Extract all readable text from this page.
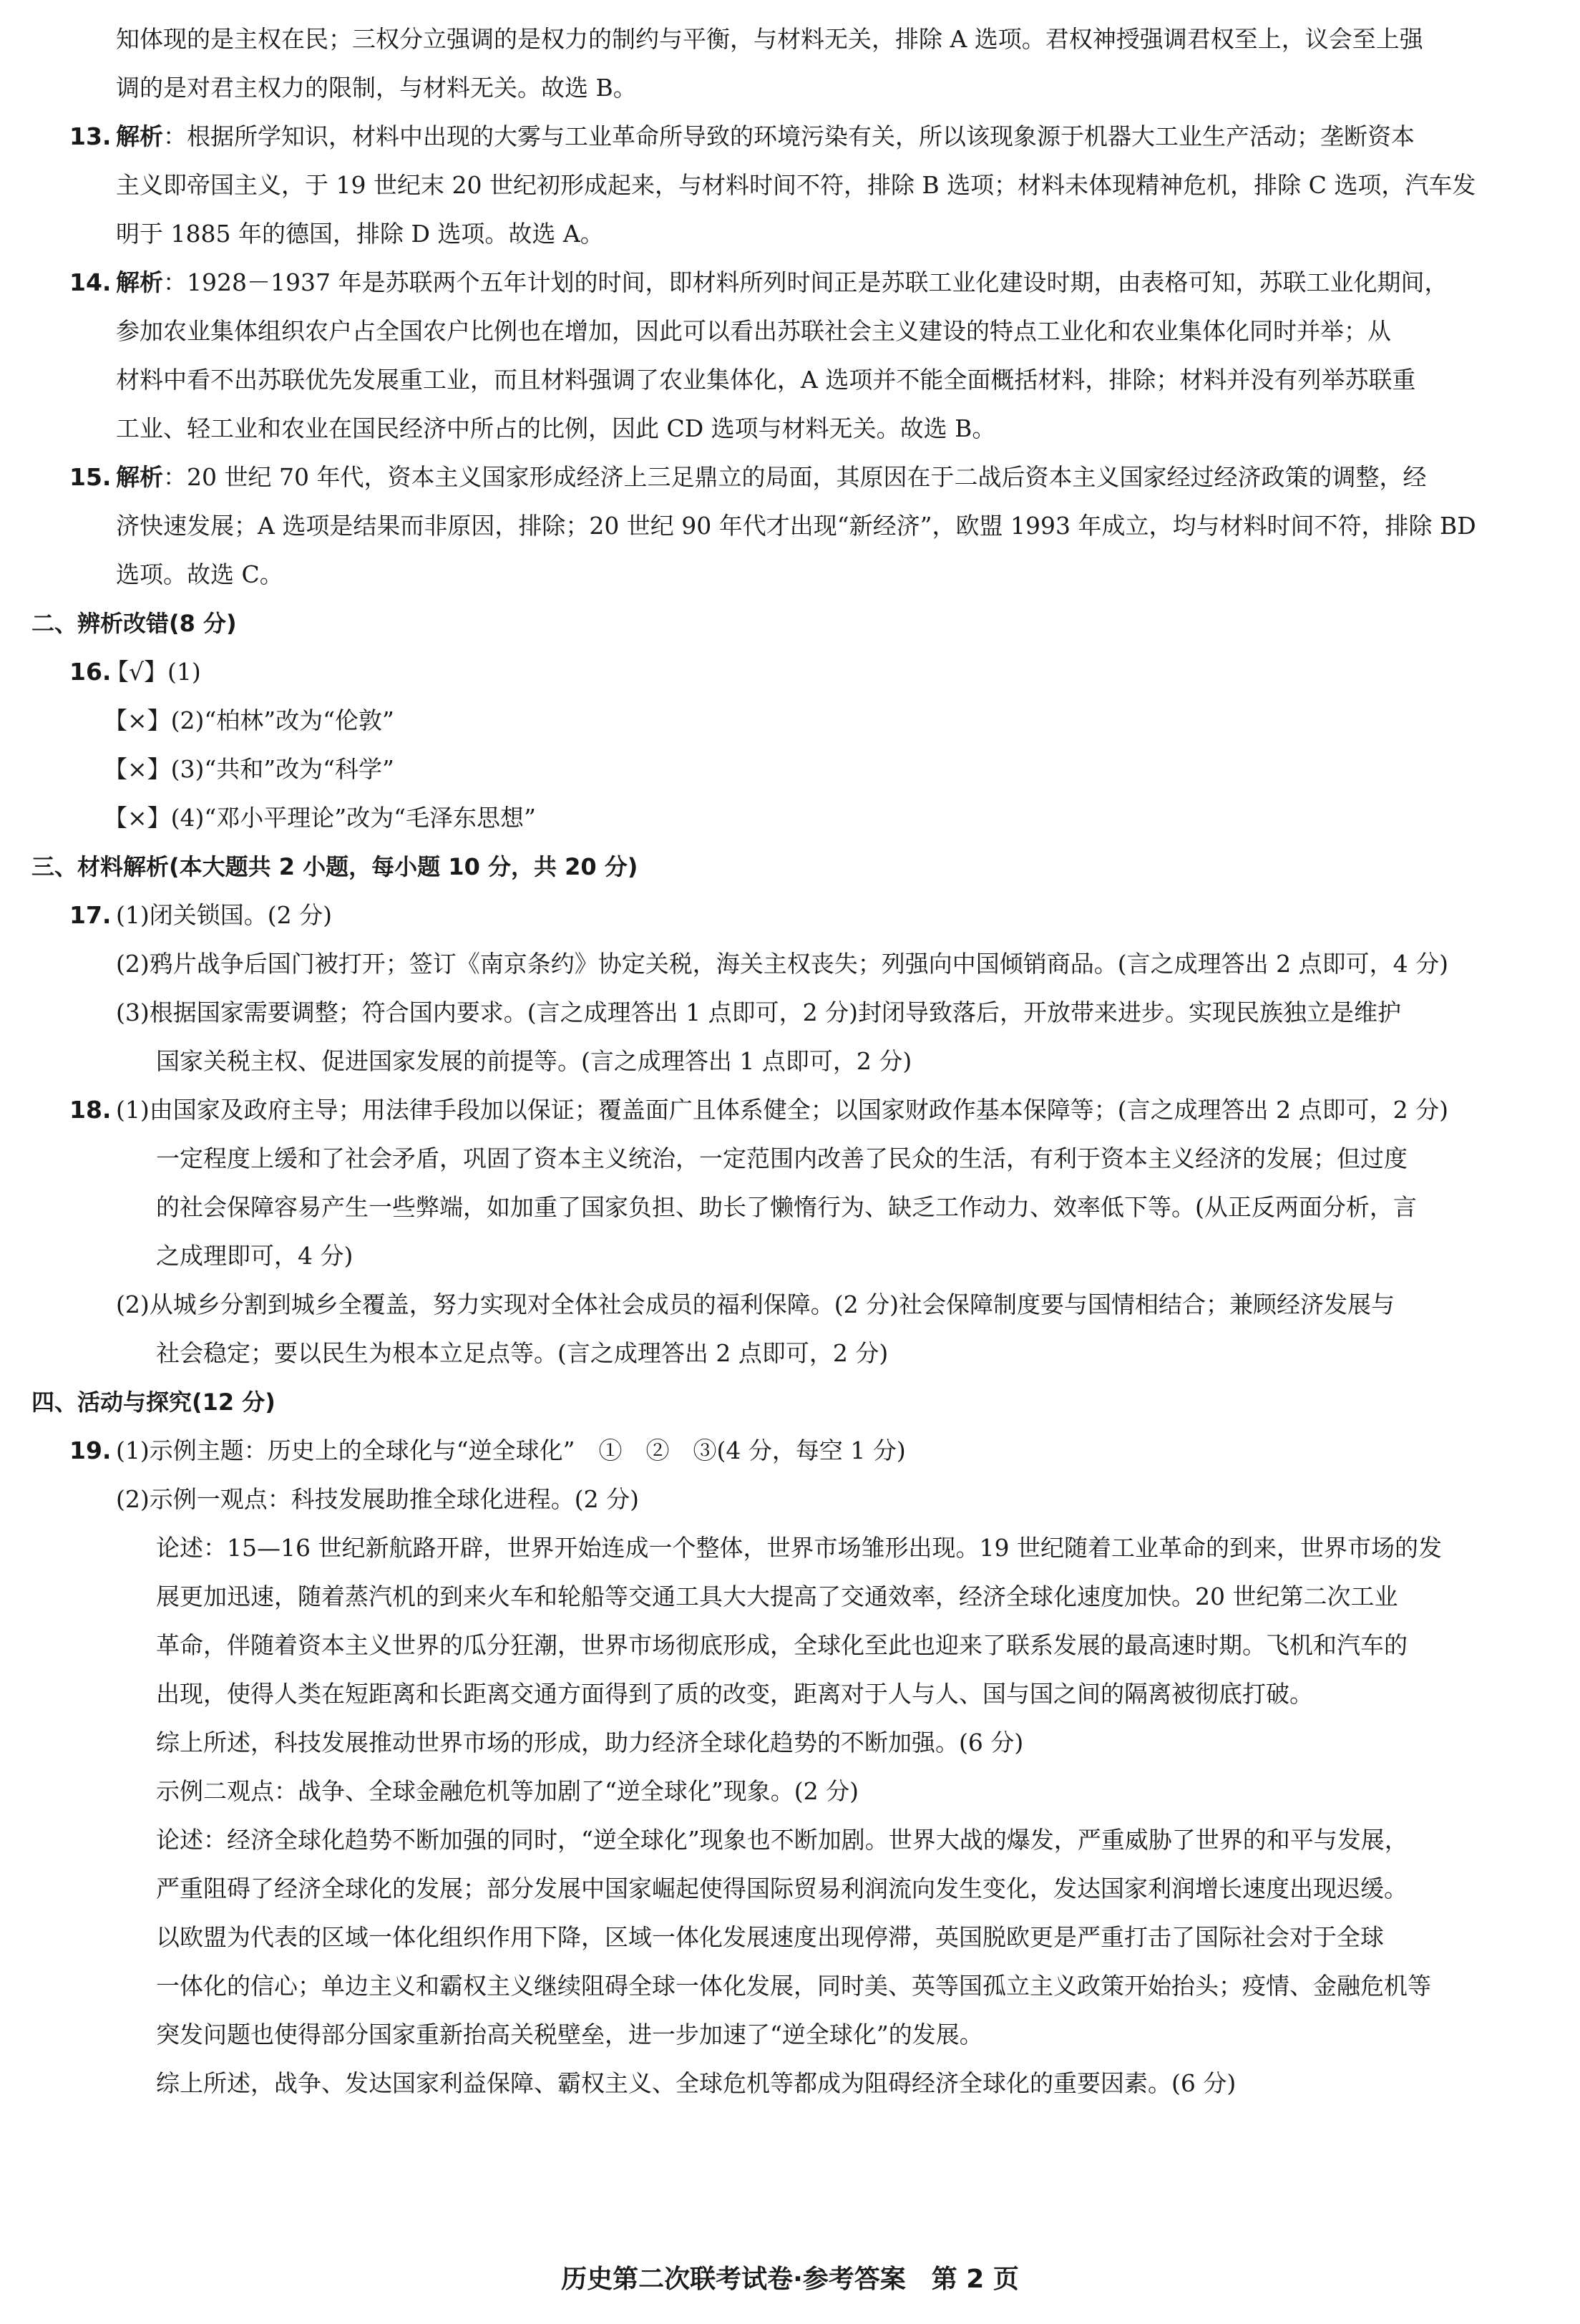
知体现的是主权在民；三权分立强调的是权力的制约与平衡，与材料无关，排除 A 选项。君权神授强调君权至上，议会至上强
调的是对君主权力的限制，与材料无关。故选 B。
13. 解析：根据所学知识，材料中出现的大雾与工业革命所导致的环境污染有关，所以该现象源于机器大工业生产活动；垄断资本
主义即帝国主义，于 19 世纪末 20 世纪初形成起来，与材料时间不符，排除 B 选项；材料未体现精神危机，排除 C 选项，汽车发
明于 1885 年的德国，排除 D 选项。故选 A。
14. 解析：1928－1937 年是苏联两个五年计划的时间，即材料所列时间正是苏联工业化建设时期，由表格可知，苏联工业化期间，
参加农业集体组织农户占全国农户比例也在增加，因此可以看出苏联社会主义建设的特点工业化和农业集体化同时并举；从
材料中看不出苏联优先发展重工业，而且材料强调了农业集体化，A 选项并不能全面概括材料，排除；材料并没有列举苏联重
工业、轻工业和农业在国民经济中所占的比例，因此 CD 选项与材料无关。故选 B。
15. 解析：20 世纪 70 年代，资本主义国家形成经济上三足鼎立的局面，其原因在于二战后资本主义国家经过经济政策的调整，经
济快速发展；A 选项是结果而非原因，排除；20 世纪 90 年代才出现“新经济”，欧盟 1993 年成立，均与材料时间不符，排除 BD
选项。故选 C。
二、辨析改错(8 分)
16.【√】(1)
【×】(2)“柏林”改为“伦敦”
【×】(3)“共和”改为“科学”
【×】(4)“邓小平理论”改为“毛泽东思想”
三、材料解析(本大题共 2 小题，每小题 10 分，共 20 分)
17. (1)闭关锁国。(2 分)
(2)鸦片战争后国门被打开；签订《南京条约》协定关税，海关主权丧失；列强向中国倾销商品。(言之成理答出 2 点即可，4 分)
(3)根据国家需要调整；符合国内要求。(言之成理答出 1 点即可，2 分)封闭导致落后，开放带来进步。实现民族独立是维护
国家关税主权、促进国家发展的前提等。(言之成理答出 1 点即可，2 分)
18. (1)由国家及政府主导；用法律手段加以保证；覆盖面广且体系健全；以国家财政作基本保障等；(言之成理答出 2 点即可，2 分)
一定程度上缓和了社会矛盾，巩固了资本主义统治，一定范围内改善了民众的生活，有利于资本主义经济的发展；但过度
的社会保障容易产生一些弊端，如加重了国家负担、助长了懒惰行为、缺乏工作动力、效率低下等。(从正反两面分析，言
之成理即可，4 分)
(2)从城乡分割到城乡全覆盖，努力实现对全体社会成员的福利保障。(2 分)社会保障制度要与国情相结合；兼顾经济发展与
社会稳定；要以民生为根本立足点等。(言之成理答出 2 点即可，2 分)
四、活动与探究(12 分)
19. (1)示例主题：历史上的全球化与“逆全球化”　①　②　③(4 分，每空 1 分)
(2)示例一观点：科技发展助推全球化进程。(2 分)
论述：15—16 世纪新航路开辟，世界开始连成一个整体，世界市场雏形出现。19 世纪随着工业革命的到来，世界市场的发
展更加迅速，随着蒸汽机的到来火车和轮船等交通工具大大提高了交通效率，经济全球化速度加快。20 世纪第二次工业
革命，伴随着资本主义世界的瓜分狂潮，世界市场彻底形成，全球化至此也迎来了联系发展的最高速时期。飞机和汽车的
出现，使得人类在短距离和长距离交通方面得到了质的改变，距离对于人与人、国与国之间的隔离被彻底打破。
综上所述，科技发展推动世界市场的形成，助力经济全球化趋势的不断加强。(6 分)
示例二观点：战争、全球金融危机等加剧了“逆全球化”现象。(2 分)
论述：经济全球化趋势不断加强的同时，“逆全球化”现象也不断加剧。世界大战的爆发，严重威胁了世界的和平与发展，
严重阻碍了经济全球化的发展；部分发展中国家崛起使得国际贸易利润流向发生变化，发达国家利润增长速度出现迟缓。
以欧盟为代表的区域一体化组织作用下降，区域一体化发展速度出现停滞，英国脱欧更是严重打击了国际社会对于全球
一体化的信心；单边主义和霸权主义继续阻碍全球一体化发展，同时美、英等国孤立主义政策开始抬头；疫情、金融危机等
突发问题也使得部分国家重新抬高关税壁垒，进一步加速了“逆全球化”的发展。
综上所述，战争、发达国家利益保障、霸权主义、全球危机等都成为阻碍经济全球化的重要因素。(6 分)
历史第二次联考试卷·参考答案　第 2 页
